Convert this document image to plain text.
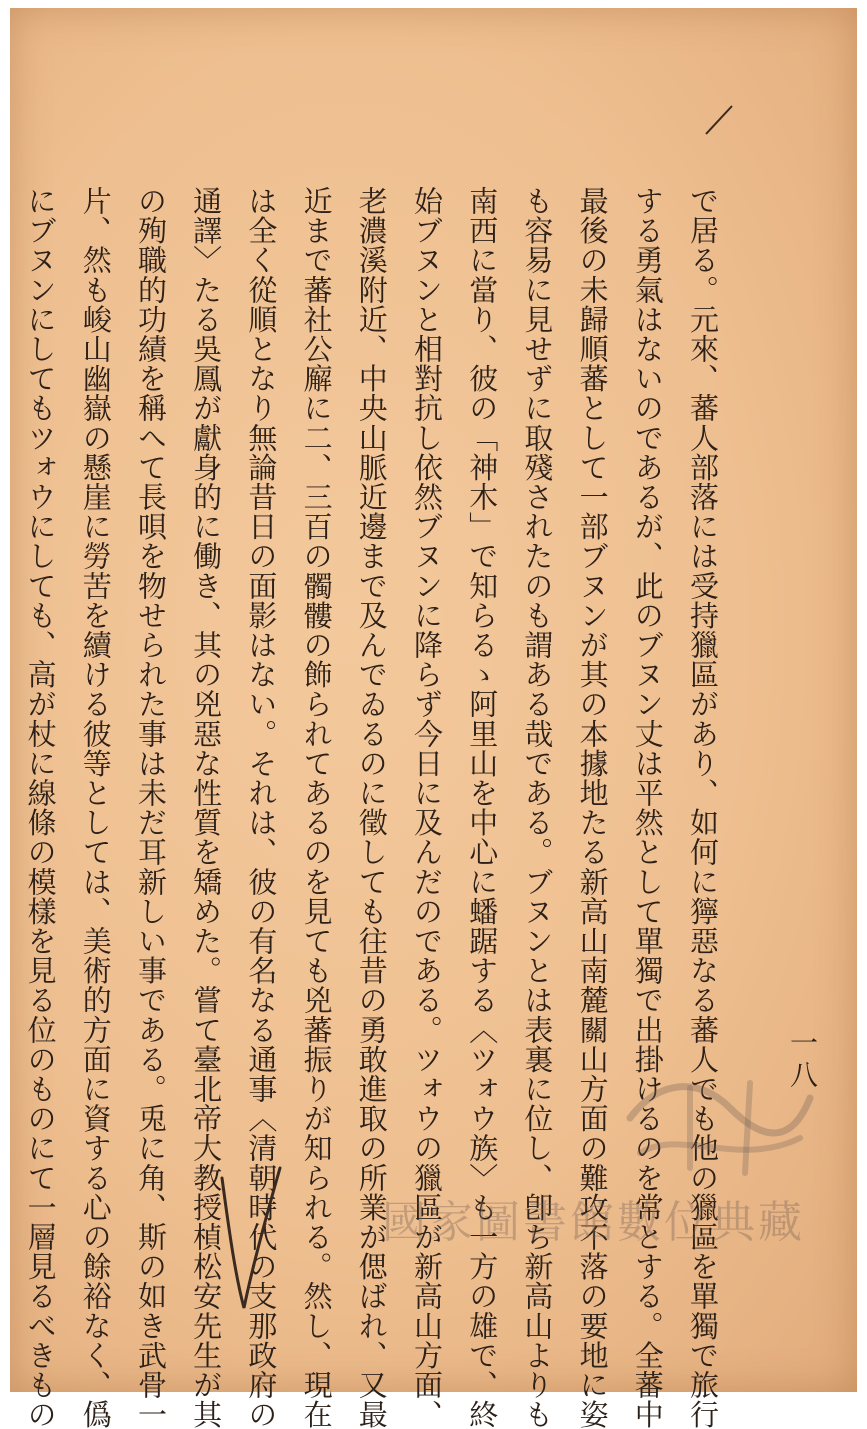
で居る。元來、蕃人部落には受持獵區があり、如何に獰惡なる蕃人でも他の獵區を單獨で旅行
する勇氣はないのであるが、此のブヌン丈は平然として單獨で出掛けるのを常とする。全蕃中
最後の未歸順蕃として一部ブヌンが其の本據地たる新高山南麓關山方面の難攻不落の要地に姿
も容易に見せずに取殘されたのも謂ある哉である。ブヌンとは表裏に位し、卽ち新高山よりも
南西に當り、彼の「神木」で知らるゝ阿里山を中心に蟠踞する〈ツォウ族〉も一方の雄で、終
始ブヌンと相對抗し依然ブヌンに降らず今日に及んだのである。ツォウの獵區が新高山方面、
老濃溪附近、中央山脈近邊まで及んでゐるのに徵しても往昔の勇敢進取の所業が偲ばれ、又最
近まで蕃社公廨に二、三百の髑髏の飾られてあるのを見ても兇蕃振りが知られる。然し、現在
は全く從順となり無論昔日の面影はない。それは、彼の有名なる通事〈清朝時代の支那政府の
通譯〉たる吳鳳が獻身的に働き、其の兇惡な性質を矯めた。嘗て臺北帝大教授楨松安先生が其
の殉職的功績を稱へて長唄を物せられた事は未だ耳新しい事である。兎に角、斯の如き武骨一
片、然も峻山幽嶽の懸崖に勞苦を續ける彼等としては、美術的方面に資する心の餘裕なく、僞
にブヌンにしてもツォウにしても、高が杖に線條の模樣を見る位のものにて一層見るべきもの	一八
國家圖書館數位典藏
